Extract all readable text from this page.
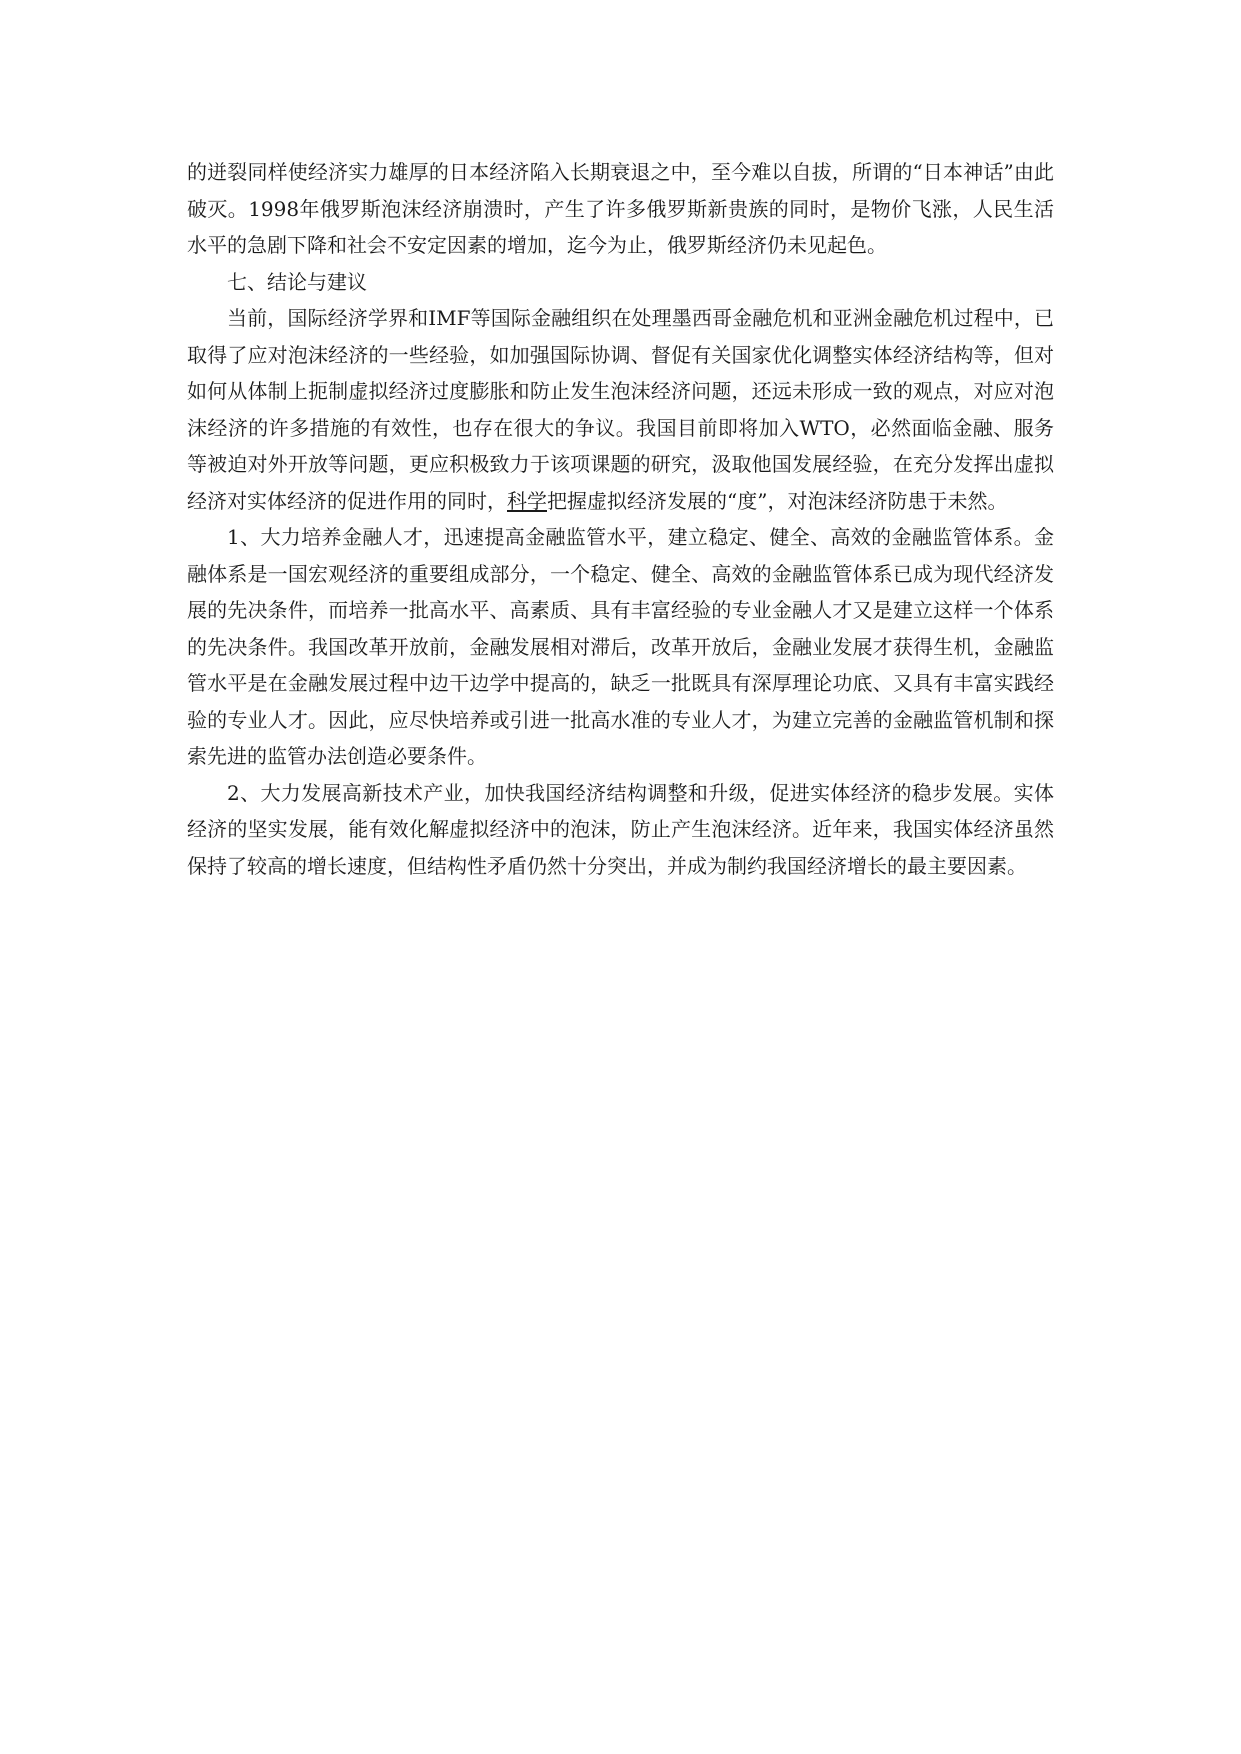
的迸裂同样使经济实力雄厚的日本经济陷入长期衰退之中，至今难以自拔，所谓的“日本神话”由此破灭。1998年俄罗斯泡沫经济崩溃时，产生了许多俄罗斯新贵族的同时，是物价飞涨，人民生活水平的急剧下降和社会不安定因素的增加，迄今为止，俄罗斯经济仍未见起色。

七、结论与建议

当前，国际经济学界和IMF等国际金融组织在处理墨西哥金融危机和亚洲金融危机过程中，已取得了应对泡沫经济的一些经验，如加强国际协调、督促有关国家优化调整实体经济结构等，但对如何从体制上扼制虚拟经济过度膨胀和防止发生泡沫经济问题，还远未形成一致的观点，对应对泡沫经济的许多措施的有效性，也存在很大的争议。我国目前即将加入WTO，必然面临金融、服务等被迫对外开放等问题，更应积极致力于该项课题的研究，汲取他国发展经验，在充分发挥出虚拟经济对实体经济的促进作用的同时，科学把握虚拟经济发展的“度”，对泡沫经济防患于未然。

1、大力培养金融人才，迅速提高金融监管水平，建立稳定、健全、高效的金融监管体系。金融体系是一国宏观经济的重要组成部分，一个稳定、健全、高效的金融监管体系已成为现代经济发展的先决条件，而培养一批高水平、高素质、具有丰富经验的专业金融人才又是建立这样一个体系的先决条件。我国改革开放前，金融发展相对滞后，改革开放后，金融业发展才获得生机，金融监管水平是在金融发展过程中边干边学中提高的，缺乏一批既具有深厚理论功底、又具有丰富实践经验的专业人才。因此，应尽快培养或引进一批高水准的专业人才，为建立完善的金融监管机制和探索先进的监管办法创造必要条件。

2、大力发展高新技术产业，加快我国经济结构调整和升级，促进实体经济的稳步发展。实体经济的坚实发展，能有效化解虚拟经济中的泡沫，防止产生泡沫经济。近年来，我国实体经济虽然保持了较高的增长速度，但结构性矛盾仍然十分突出，并成为制约我国经济增长的最主要因素。
